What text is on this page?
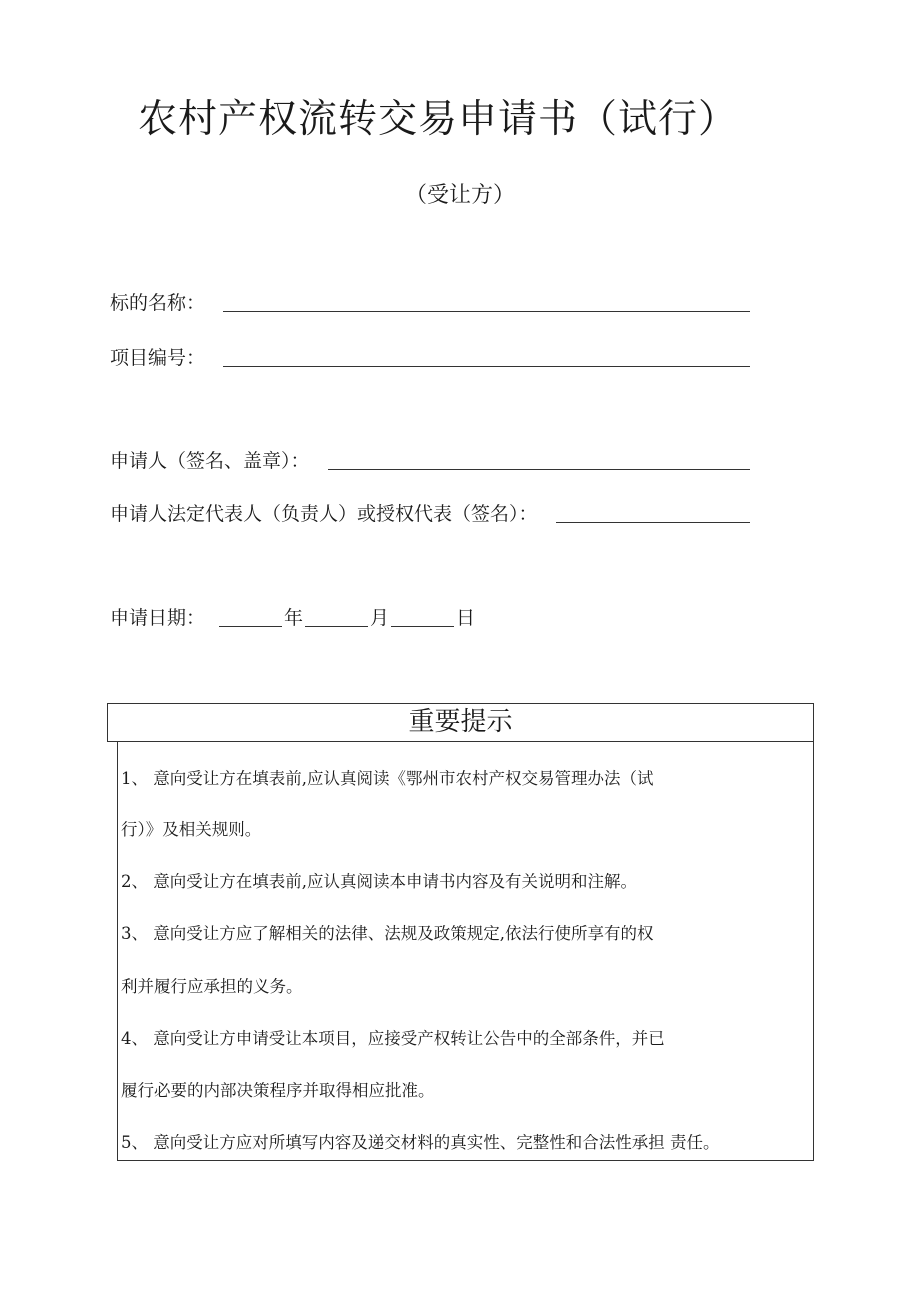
农村产权流转交易申请书（试行）
（受让方）
标的名称：
项目编号：
申请人（签名、盖章）：
申请人法定代表人（负责人）或授权代表（签名）：
申请日期：	年	月	日
重要提示
1、 意向受让方在填表前,应认真阅读《鄂州市农村产权交易管理办法（试
行）》及相关规则。
2、 意向受让方在填表前,应认真阅读本申请书内容及有关说明和注解。
3、 意向受让方应了解相关的法律、法规及政策规定,依法行使所享有的权
利并履行应承担的义务。
4、 意向受让方申请受让本项目，应接受产权转让公告中的全部条件，并已
履行必要的内部决策程序并取得相应批准。
5、 意向受让方应对所填写内容及递交材料的真实性、完整性和合法性承担 责任。
